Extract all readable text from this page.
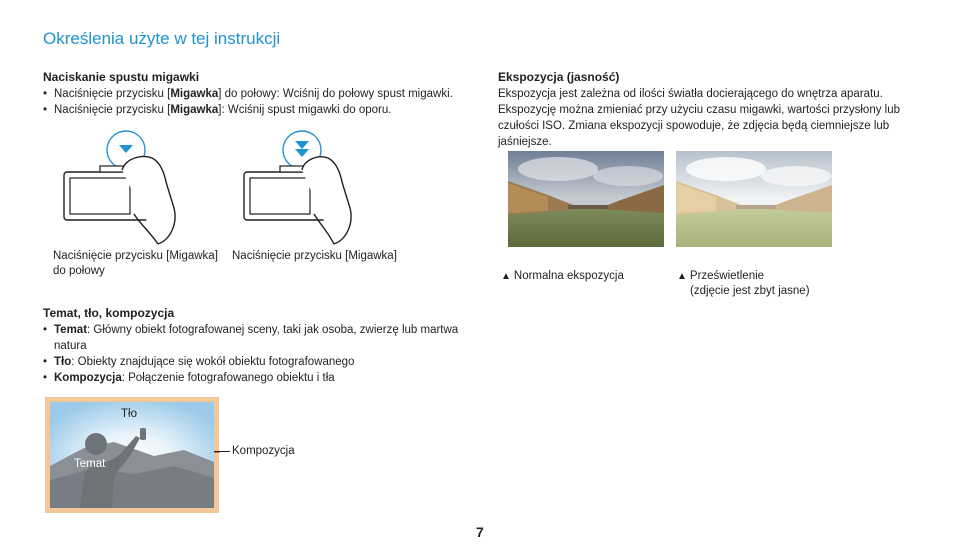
Określenia użyte w tej instrukcji
Naciskanie spustu migawki
• Naciśnięcie przycisku [Migawka] do połowy: Wciśnij do połowy spust migawki.
• Naciśnięcie przycisku [Migawka]: Wciśnij spust migawki do oporu.
Naciśnięcie przycisku [Migawka]
do połowy
Naciśnięcie przycisku [Migawka]
Ekspozycja (jasność)
Ekspozycja jest zależna od ilości światła docierającego do wnętrza aparatu.
Ekspozycję można zmieniać przy użyciu czasu migawki, wartości przysłony lub
czułości ISO. Zmiana ekspozycji spowoduje, że zdjęcia będą ciemniejsze lub
jaśniejsze.
▲ Normalna ekspozycja	▲ Prześwietlenie
(zdjęcie jest zbyt jasne)
Temat, tło, kompozycja
• Temat: Główny obiekt fotografowanej sceny, taki jak osoba, zwierzę lub martwa
natura
• Tło: Obiekty znajdujące się wokół obiektu fotografowanego
• Kompozycja: Połączenie fotografowanego obiektu i tła
Tło
Temat
Kompozycja
7
